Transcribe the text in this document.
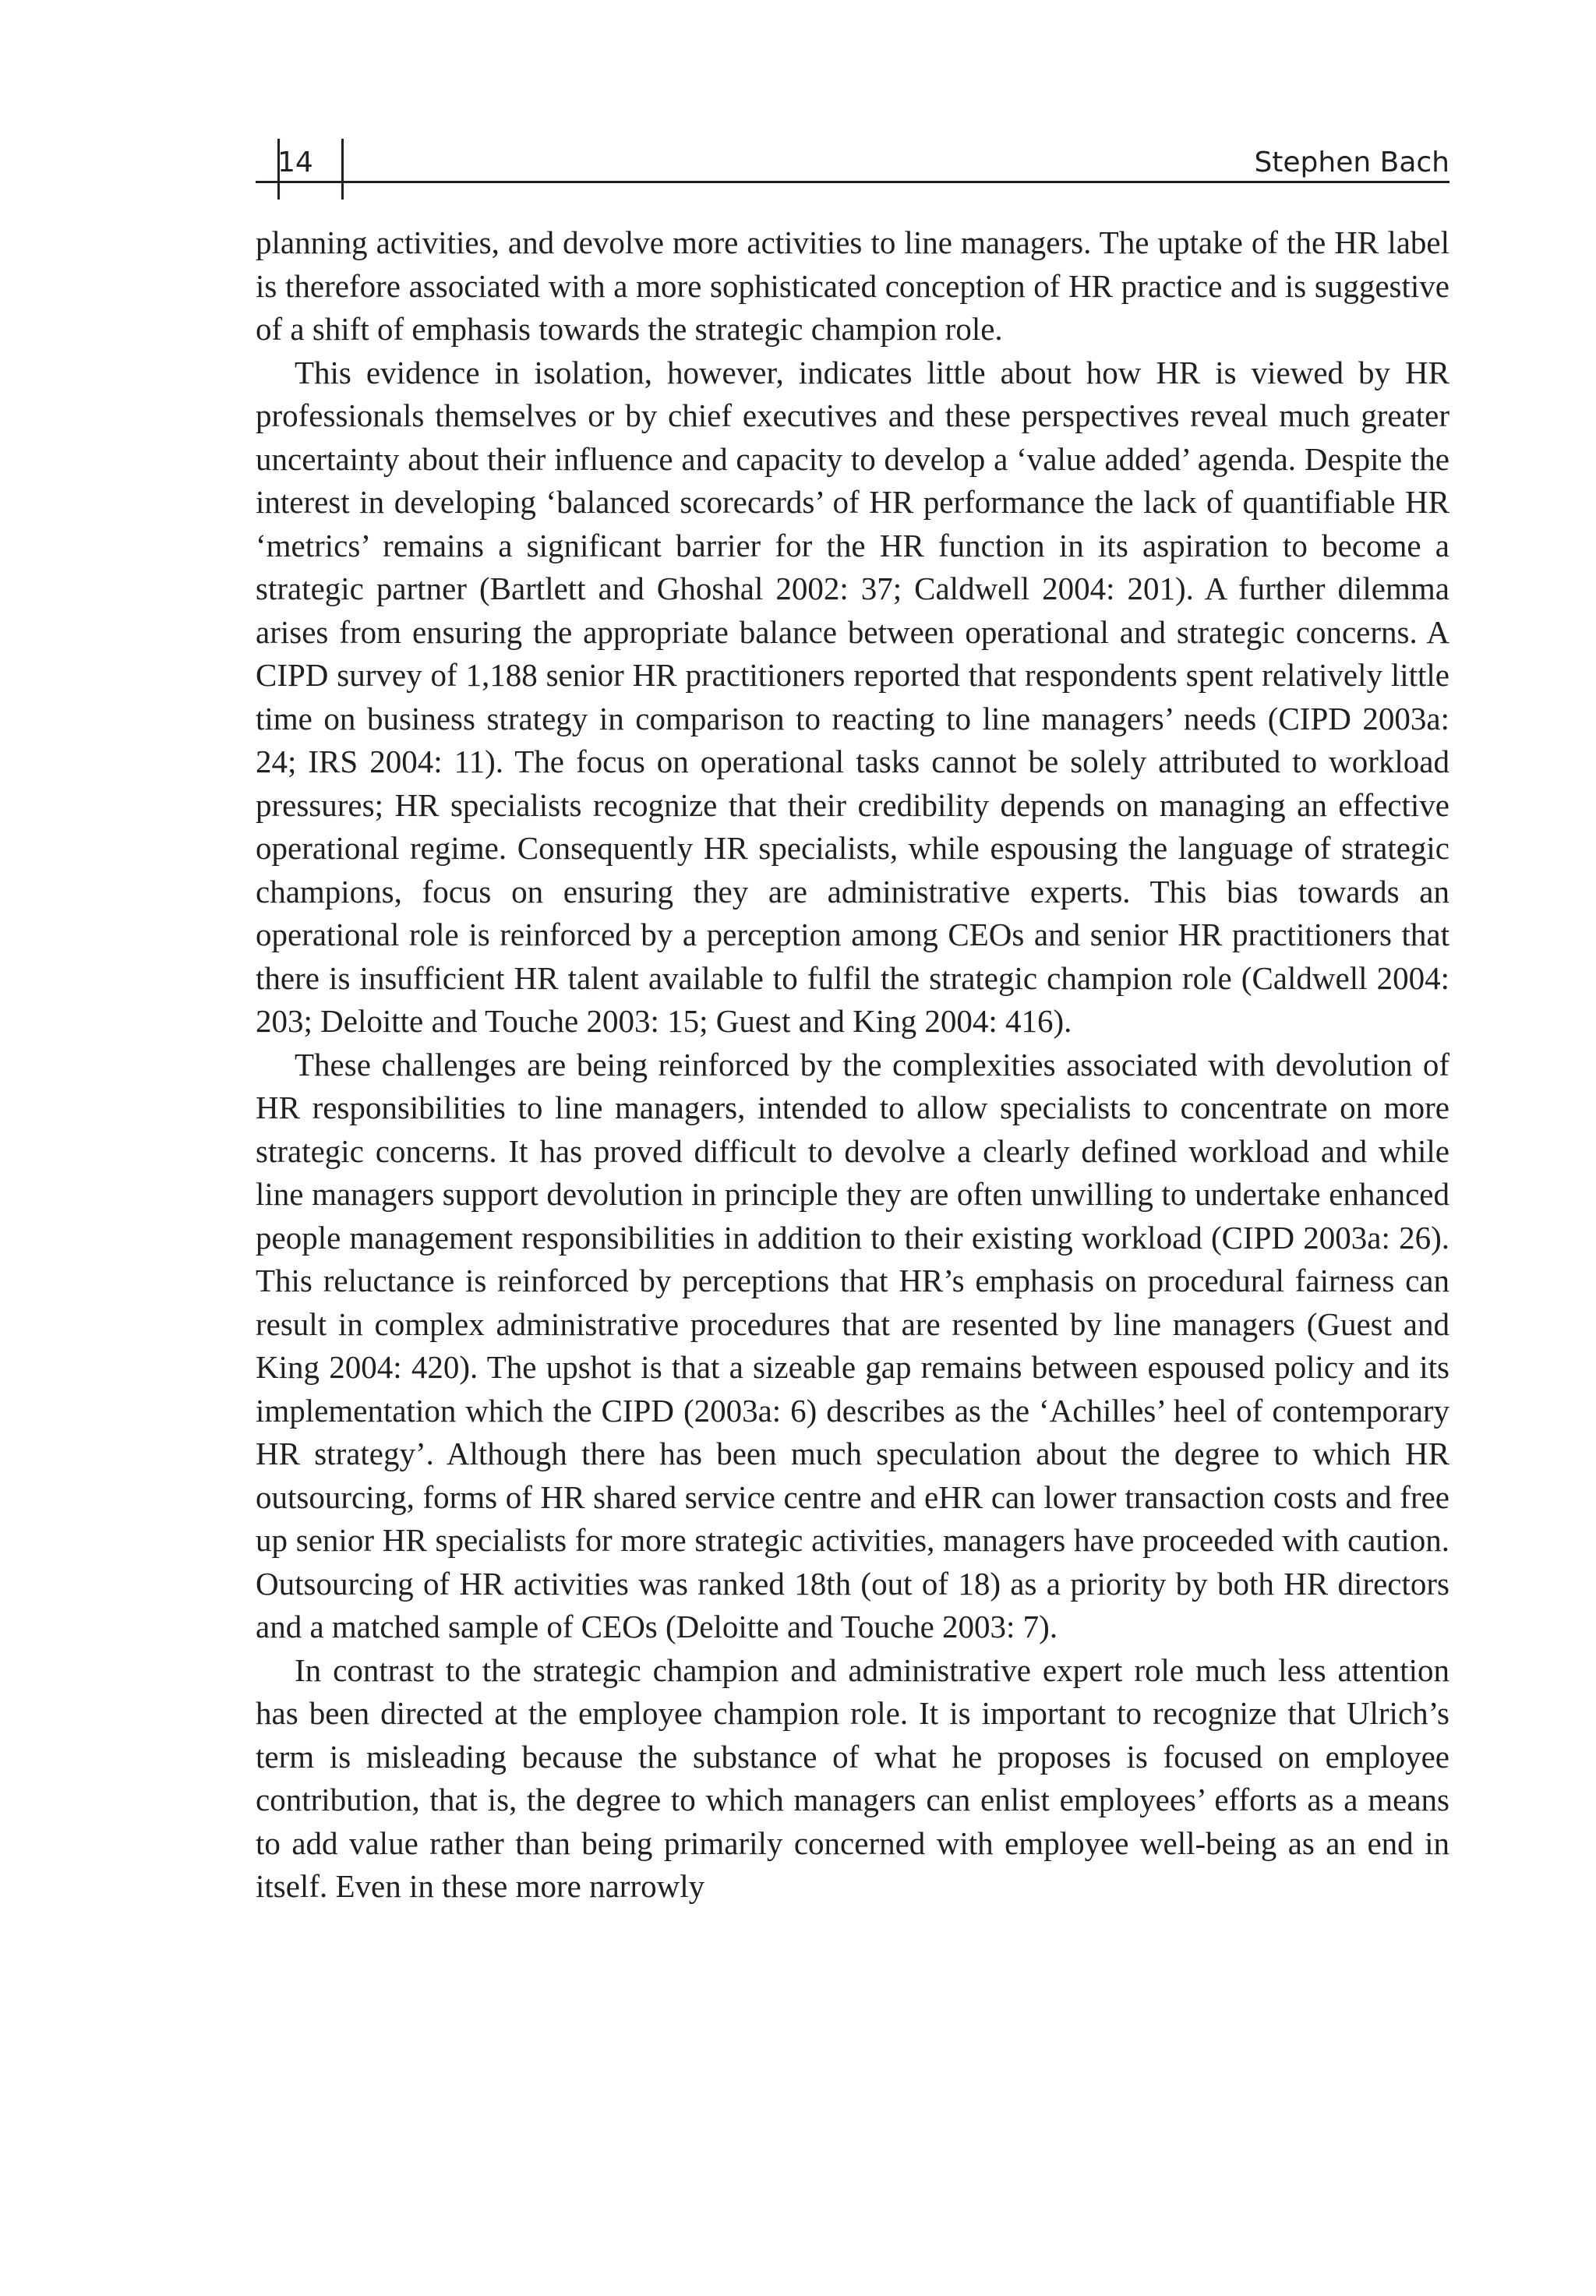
14	Stephen Bach

planning activities, and devolve more activities to line managers. The uptake of the HR label is therefore associated with a more sophisticated conception of HR practice and is suggestive of a shift of emphasis towards the strategic champion role.

This evidence in isolation, however, indicates little about how HR is viewed by HR professionals themselves or by chief executives and these perspectives reveal much greater uncertainty about their influence and capacity to develop a ‘value added’ agenda. Despite the interest in developing ‘balanced scorecards’ of HR performance the lack of quantifiable HR ‘metrics’ remains a significant barrier for the HR function in its aspiration to become a strategic partner (Bartlett and Ghoshal 2002: 37; Caldwell 2004: 201). A further dilemma arises from ensuring the appropriate balance between operational and strategic concerns. A CIPD survey of 1,188 senior HR practitioners reported that respondents spent relatively little time on business strategy in comparison to reacting to line managers’ needs (CIPD 2003a: 24; IRS 2004: 11). The focus on operational tasks cannot be solely attributed to workload pressures; HR specialists recognize that their credibility depends on managing an effective operational regime. Consequently HR specialists, while espousing the language of strategic champions, focus on ensuring they are administrative experts. This bias towards an operational role is reinforced by a perception among CEOs and senior HR practitioners that there is insufficient HR talent available to fulfil the strategic champion role (Caldwell 2004: 203; Deloitte and Touche 2003: 15; Guest and King 2004: 416).

These challenges are being reinforced by the complexities associated with devolution of HR responsibilities to line managers, intended to allow specialists to concentrate on more strategic concerns. It has proved difficult to devolve a clearly defined workload and while line managers support devolution in principle they are often unwilling to undertake enhanced people management responsibilities in addition to their existing workload (CIPD 2003a: 26). This reluctance is reinforced by perceptions that HR’s emphasis on procedural fairness can result in complex administrative procedures that are resented by line managers (Guest and King 2004: 420). The upshot is that a sizeable gap remains between espoused policy and its implementation which the CIPD (2003a: 6) describes as the ‘Achilles’ heel of contemporary HR strategy’. Although there has been much speculation about the degree to which HR outsourcing, forms of HR shared service centre and eHR can lower transaction costs and free up senior HR specialists for more strategic activities, managers have proceeded with caution. Outsourcing of HR activities was ranked 18th (out of 18) as a priority by both HR directors and a matched sample of CEOs (Deloitte and Touche 2003: 7).

In contrast to the strategic champion and administrative expert role much less attention has been directed at the employee champion role. It is important to recognize that Ulrich’s term is misleading because the substance of what he proposes is focused on employee contribution, that is, the degree to which managers can enlist employees’ efforts as a means to add value rather than being primarily concerned with employee well-being as an end in itself. Even in these more narrowly
